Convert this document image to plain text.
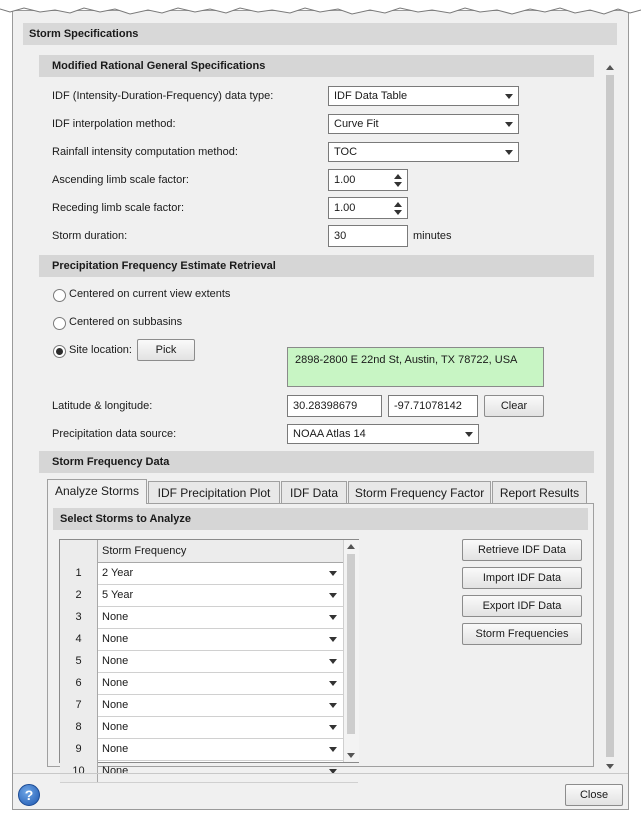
Storm Specifications
Modified Rational General Specifications
IDF (Intensity-Duration-Frequency) data type:	IDF Data Table
IDF interpolation method:	Curve Fit
Rainfall intensity computation method:	TOC
Ascending limb scale factor:	1.00
Receding limb scale factor:	1.00
Storm duration:	30	minutes
Precipitation Frequency Estimate Retrieval
Centered on current view extents
Centered on subbasins
Site location:	Pick
2898-2800 E 22nd St, Austin, TX 78722, USA
Latitude & longitude:	30.28398679	-97.71078142	Clear
Precipitation data source:	NOAA Atlas 14
Storm Frequency Data
Analyze Storms	IDF Precipitation Plot	IDF Data	Storm Frequency Factor	Report Results
Select Storms to Analyze
Storm Frequency
1	2 Year
2	5 Year
3	None
4	None
5	None
6	None
7	None
8	None
9	None
10	None
Retrieve IDF Data
Import IDF Data
Export IDF Data
Storm Frequencies
?	Close
